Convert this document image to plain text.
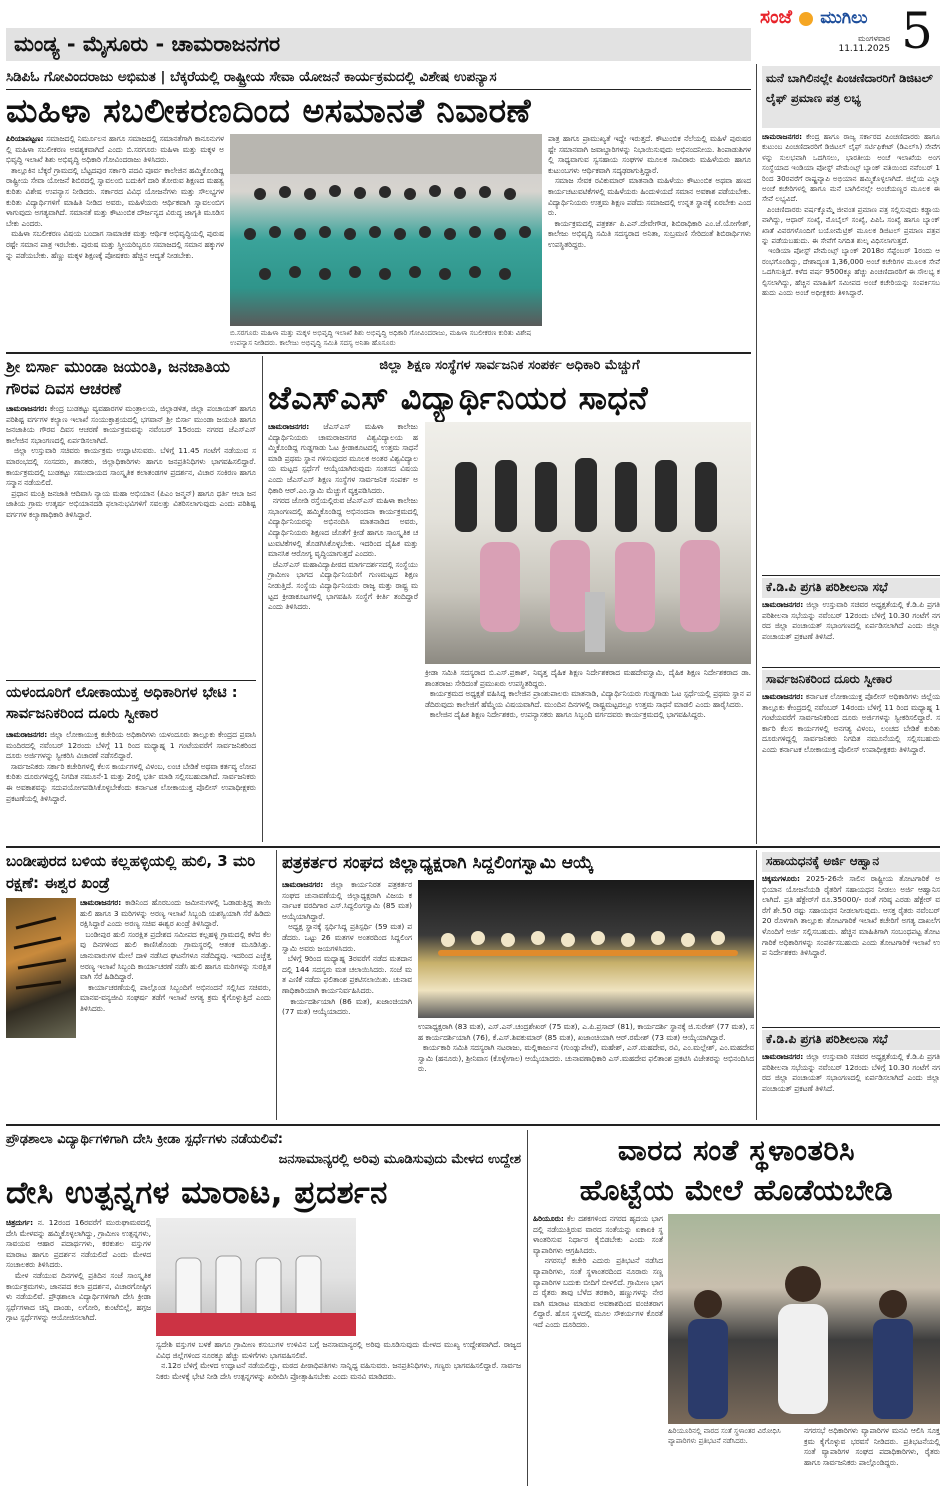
ಮಂಡ್ಯ - ಮೈಸೂರು - ಚಾಮರಾಜನಗರ
ಸಂಜೆ ಮುಗಿಲು
ಮಂಗಳವಾರ
11.11.2025 5
ಸಿಡಿಪಿಓ ಗೋವಿಂದರಾಜು ಅಭಿಮತ | ಬೆಕ್ಕರೆಯಲ್ಲಿ ರಾಷ್ಟ್ರೀಯ ಸೇವಾ ಯೋಜನೆ ಕಾರ್ಯಕ್ರಮದಲ್ಲಿ ವಿಶೇಷ ಉಪನ್ಯಾಸ
ಮಹಿಳಾ ಸಬಲೀಕರಣದಿಂದ ಅಸಮಾನತೆ ನಿವಾರಣೆ
ಪಿರಿಯಾಪಟ್ಟಣ: ಸಮಾಜದಲ್ಲಿ ನಿರ್ಮೂಲನ ಹಾಗೂ ಸಮಾಜದಲ್ಲಿ ಸಮಾನತೆಗಾಗಿ ಕಾನೂನುಗಳಲ್ಲಿ ಮಹಿಳಾ ಸಬಲೀಕರಣ ಅವಶ್ಯಕವಾಗಿದೆ ಎಂದು ಬಿ.ಸರಗೂರು ಮಹಿಳಾ ಮತ್ತು ಮಕ್ಕಳ ಅಭಿವೃದ್ಧಿ ಇಲಾಖೆ ಶಿಶು ಅಭಿವೃದ್ಧಿ ಅಧಿಕಾರಿ ಗೋವಿಂದರಾಜು ತಿಳಿಸಿದರು.
ತಾಲ್ಲೂಕಿನ ಬೆಕ್ಕರೆ ಗ್ರಾಮದಲ್ಲಿ ಬೆಟ್ಟದಪುರ ಸರ್ಕಾರಿ ಪದವಿ ಪೂರ್ವ ಕಾಲೇಜಿನ ಹಮ್ಮಿಕೊಂಡಿದ್ದ ರಾಷ್ಟ್ರೀಯ ಸೇವಾ ಯೋಜನೆ ಶಿಬಿರದಲ್ಲಿ ಸ್ವಾವಲಂಬಿ ಬದುಕಿಗೆ ದಾರಿ ತೋರುವ ಶಿಕ್ಷಣದ ಮಹತ್ವ ಕುರಿತು ವಿಶೇಷ ಉಪನ್ಯಾಸ ನೀಡಿದರು. ಸರ್ಕಾರದ ವಿವಿಧ ಯೋಜನೆಗಳು ಮತ್ತು ಸೌಲಭ್ಯಗಳ ಕುರಿತು ವಿದ್ಯಾರ್ಥಿಗಳಿಗೆ ಮಾಹಿತಿ ನೀಡಿದ ಅವರು, ಮಹಿಳೆಯರು ಆರ್ಥಿಕವಾಗಿ ಸ್ವಾವಲಂಬಿಗಳಾಗುವುದು ಅಗತ್ಯವಾಗಿದೆ. ಸಮಾನತೆ ಮತ್ತು ಕೌಟುಂಬಿಕ ದೌರ್ಜನ್ಯದ ವಿರುದ್ಧ ಜಾಗೃತಿ ಮೂಡಿಸಬೇಕು ಎಂದರು.
ಮಹಿಳಾ ಸಬಲೀಕರಣ ವಿಷಯ ಬಂದಾಗ ಸಾಮಾಜಿಕ ಮತ್ತು ಆರ್ಥಿಕ ಅಭಿವೃದ್ಧಿಯಲ್ಲಿ ಪುರುಷರಷ್ಟೇ ಸಮಾನ ಪಾತ್ರ ಇರಬೇಕು. ಪುರುಷ ಮತ್ತು ಸ್ತ್ರೀಯರಿಬ್ಬರೂ ಸಮಾಜದಲ್ಲಿ ಸಮಾನ ಹಕ್ಕುಗಳನ್ನು ಪಡೆಯಬೇಕು. ಹೆಣ್ಣು ಮಕ್ಕಳ ಶಿಕ್ಷಣಕ್ಕೆ ಪೋಷಕರು ಹೆಚ್ಚಿನ ಆದ್ಯತೆ ನೀಡಬೇಕು.
ಬಿ.ಸರಗೂರು ಮಹಿಳಾ ಮತ್ತು ಮಕ್ಕಳ ಅಭಿವೃದ್ಧಿ ಇಲಾಖೆ ಶಿಶು ಅಭಿವೃದ್ಧಿ ಅಧಿಕಾರಿ ಗೋವಿಂದರಾಜು, ಮಹಿಳಾ ಸಬಲೀಕರಣ ಕುರಿತು ವಿಶೇಷ ಉಪನ್ಯಾಸ ನೀಡಿದರು. ಕಾಲೇಜು ಅಭಿವೃದ್ಧಿ ಸಮಿತಿ ಸದಸ್ಯ ಅನಿತಾ ಹೊಸೂರು
ಪಾತ್ರ ಹಾಗೂ ಪ್ರಾಮುಖ್ಯತೆ ಇದ್ದೇ ಇರುತ್ತದೆ. ಕೌಟುಂಬಿಕ ನೆಲೆಯಲ್ಲಿ ಮಹಿಳೆ ಪುರುಷರಷ್ಟೇ ಸಮಾನವಾಗಿ ಜವಾಬ್ದಾರಿಗಳನ್ನು ನಿಭಾಯಿಸುವುದು ಅಭಿನಂದನೀಯ. ಶಿಂಪಾಡುಶಿಗಳಲ್ಲಿ ಸಾಧ್ಯವಾಗುವ ಸ್ವಸಹಾಯ ಸಂಘಗಳ ಮೂಲಕ ಸಾವಿರಾರು ಮಹಿಳೆಯರು ಹಾಗೂ ಕುಟುಂಬಗಳು ಆರ್ಥಿಕವಾಗಿ ಸದೃಢರಾಗುತ್ತಿದ್ದಾರೆ.
ಸಮಾಜ ಸೇವಕ ರವಿಕುಮಾರ್ ಮಾತನಾಡಿ ಮಹಿಳೆಯು ಕೌಟುಂಬಿಕ ಅಥವಾ ಹಣದ ಕಾರ್ಯಚಟುವಟಿಕೆಗಳಲ್ಲಿ ಮಹಿಳೆಯರು ಹಿಂದುಳಿಯದೆ ಸಮಾನ ಅವಕಾಶ ಪಡೆಯಬೇಕು. ವಿದ್ಯಾರ್ಥಿನಿಯರು ಉತ್ತಮ ಶಿಕ್ಷಣ ಪಡೆದು ಸಮಾಜದಲ್ಲಿ ಉನ್ನತ ಸ್ಥಾನಕ್ಕೆ ಏರಬೇಕು ಎಂದರು.
ಕಾರ್ಯಕ್ರಮದಲ್ಲಿ ಪತ್ರಕರ್ತ ಪಿ.ಎನ್.ದೇವೇಗೌಡ, ಶಿಬಿರಾಧಿಕಾರಿ ಎಂ.ಜೆ.ಯೋಗೇಶ್, ಕಾಲೇಜು ಅಭಿವೃದ್ಧಿ ಸಮಿತಿ ಸದಸ್ಯರಾದ ಅನಿತಾ, ಸುಬ್ರಮಣಿ ಸೇರಿದಂತೆ ಶಿಬಿರಾರ್ಥಿಗಳು ಉಪಸ್ಥಿತರಿದ್ದರು.
ಮನೆ ಬಾಗಿಲಿನಲ್ಲೇ ಪಿಂಚಣಿದಾರರಿಗೆ ಡಿಜಿಟಲ್ ಲೈಫ್ ಪ್ರಮಾಣ ಪತ್ರ ಲಭ್ಯ
ಚಾಮರಾಜನಗರ: ಕೇಂದ್ರ ಹಾಗೂ ರಾಜ್ಯ ಸರ್ಕಾರದ ಪಿಂಚಣಿದಾರರು ಹಾಗೂ ಕುಟುಂಬ ಪಿಂಚಣಿದಾರರಿಗೆ ಡಿಜಿಟಲ್ ಲೈಫ್ ಸರ್ಟಿಫಿಕೇಟ್ (ಡಿಎಲ್‌ಸಿ) ಸೇವೆಗಳನ್ನು ಸುಲಭವಾಗಿ ಒದಗಿಸಲು, ಭಾರತೀಯ ಅಂಚೆ ಇಲಾಖೆಯ ಅಂಗ ಸಂಸ್ಥೆಯಾದ ಇಂಡಿಯಾ ಪೋಸ್ಟ್ ಪೇಮೆಂಟ್ಸ್ ಬ್ಯಾಂಕ್ ವತಿಯಿಂದ ನವೆಂಬರ್ 1ರಿಂದ 30ರವರೆಗೆ ರಾಷ್ಟ್ರವ್ಯಾಪಿ ಅಭಿಯಾನ ಹಮ್ಮಿಕೊಳ್ಳಲಾಗಿದೆ. ಜಿಲ್ಲೆಯ ಎಲ್ಲಾ ಅಂಚೆ ಕಚೇರಿಗಳಲ್ಲಿ ಹಾಗೂ ಮನೆ ಬಾಗಿಲಿನಲ್ಲೇ ಅಂಚೆಯಣ್ಣರ ಮೂಲಕ ಈ ಸೇವೆ ಲಭ್ಯವಿದೆ.
ಪಿಂಚಣಿದಾರರು ವರ್ಷಕ್ಕೊಮ್ಮೆ ಜೀವಂತ ಪ್ರಮಾಣ ಪತ್ರ ಸಲ್ಲಿಸುವುದು ಕಡ್ಡಾಯವಾಗಿದ್ದು, ಆಧಾರ್ ಸಂಖ್ಯೆ, ಮೊಬೈಲ್ ಸಂಖ್ಯೆ, ಪಿಪಿಓ ಸಂಖ್ಯೆ ಹಾಗೂ ಬ್ಯಾಂಕ್ ಖಾತೆ ವಿವರಗಳೊಂದಿಗೆ ಬಯೋಮೆಟ್ರಿಕ್ ಮೂಲಕ ಡಿಜಿಟಲ್ ಪ್ರಮಾಣ ಪತ್ರವನ್ನು ಪಡೆಯಬಹುದು. ಈ ಸೇವೆಗೆ ನಿಗದಿತ ಶುಲ್ಕ ವಿಧಿಸಲಾಗುತ್ತದೆ.
ಇಂಡಿಯಾ ಪೋಸ್ಟ್ ಪೇಮೆಂಟ್ಸ್ ಬ್ಯಾಂಕ್ 2018ರ ಸೆಪ್ಟೆಂಬರ್ 1ರಂದು ಆರಂಭಗೊಂಡಿದ್ದು, ದೇಶಾದ್ಯಂತ 1,36,000 ಅಂಚೆ ಕಚೇರಿಗಳ ಮೂಲಕ ಸೇವೆ ಒದಗಿಸುತ್ತಿದೆ. ಕಳೆದ ವರ್ಷ 9500ಕ್ಕೂ ಹೆಚ್ಚು ಪಿಂಚಣಿದಾರರಿಗೆ ಈ ಸೌಲಭ್ಯ ಕಲ್ಪಿಸಲಾಗಿದ್ದು, ಹೆಚ್ಚಿನ ಮಾಹಿತಿಗೆ ಸಮೀಪದ ಅಂಚೆ ಕಚೇರಿಯನ್ನು ಸಂಪರ್ಕಿಸಬಹುದು ಎಂದು ಅಂಚೆ ಅಧೀಕ್ಷಕರು ತಿಳಿಸಿದ್ದಾರೆ.
ಕೆ.ಡಿ.ಪಿ ಪ್ರಗತಿ ಪರಿಶೀಲನಾ ಸಭೆ
ಚಾಮರಾಜನಗರ: ಜಿಲ್ಲಾ ಉಸ್ತುವಾರಿ ಸಚಿವರ ಅಧ್ಯಕ್ಷತೆಯಲ್ಲಿ ಕೆ.ಡಿ.ಪಿ ಪ್ರಗತಿ ಪರಿಶೀಲನಾ ಸಭೆಯನ್ನು ನವೆಂಬರ್ 12ರಂದು ಬೆಳಿಗ್ಗೆ 10.30 ಗಂಟೆಗೆ ನಗರದ ಜಿಲ್ಲಾ ಪಂಚಾಯತ್ ಸಭಾಂಗಣದಲ್ಲಿ ಏರ್ಪಡಿಸಲಾಗಿದೆ ಎಂದು ಜಿಲ್ಲಾ ಪಂಚಾಯತ್ ಪ್ರಕಟಣೆ ತಿಳಿಸಿದೆ.
ಸಾರ್ವಜನಿಕರಿಂದ ದೂರು ಸ್ವೀಕಾರ
ಚಾಮರಾಜನಗರ: ಕರ್ನಾಟಕ ಲೋಕಾಯುಕ್ತ ಪೊಲೀಸ್ ಅಧಿಕಾರಿಗಳು ಜಿಲ್ಲೆಯ ತಾಲ್ಲೂಕು ಕೇಂದ್ರದಲ್ಲಿ ನವೆಂಬರ್ 14ರಂದು ಬೆಳಿಗ್ಗೆ 11 ರಿಂದ ಮಧ್ಯಾಹ್ನ 1 ಗಂಟೆಯವರೆಗೆ ಸಾರ್ವಜನಿಕರಿಂದ ದೂರು ಅರ್ಜಿಗಳನ್ನು ಸ್ವೀಕರಿಸಲಿದ್ದಾರೆ. ಸರ್ಕಾರಿ ಕೆಲಸ ಕಾರ್ಯಗಳಲ್ಲಿ ಅನಗತ್ಯ ವಿಳಂಬ, ಲಂಚದ ಬೇಡಿಕೆ ಕುರಿತು ದೂರುಗಳಿದ್ದಲ್ಲಿ ಸಾರ್ವಜನಿಕರು ನಿಗದಿತ ನಮೂನೆಯಲ್ಲಿ ಸಲ್ಲಿಸಬಹುದು ಎಂದು ಕರ್ನಾಟಕ ಲೋಕಾಯುಕ್ತ ಪೊಲೀಸ್ ಉಪಾಧೀಕ್ಷಕರು ತಿಳಿಸಿದ್ದಾರೆ.
ಶ್ರೀ ಬಿರ್ಸಾ ಮುಂಡಾ ಜಯಂತಿ, ಜನಜಾತಿಯ ಗೌರವ ದಿವಸ ಆಚರಣೆ
ಚಾಮರಾಜನಗರ: ಕೇಂದ್ರ ಬುಡಕಟ್ಟು ವ್ಯವಹಾರಗಳ ಮಂತ್ರಾಲಯ, ಜಿಲ್ಲಾಡಳಿತ, ಜಿಲ್ಲಾ ಪಂಚಾಯತ್ ಹಾಗೂ ಪರಿಶಿಷ್ಟ ವರ್ಗಗಳ ಕಲ್ಯಾಣ ಇಲಾಖೆ ಸಂಯುಕ್ತಾಶ್ರಯದಲ್ಲಿ ಭಗವಾನ್ ಶ್ರೀ ಬಿರ್ಸಾ ಮುಂಡಾ ಜಯಂತಿ ಹಾಗೂ ಜನಜಾತಿಯ ಗೌರವ ದಿವಸ ಆಚರಣೆ ಕಾರ್ಯಕ್ರಮವನ್ನು ನವೆಂಬರ್ 15ರಂದು ನಗರದ ಜೆಎಸ್‌ಎಸ್ ಕಾಲೇಜಿನ ಸಭಾಂಗಣದಲ್ಲಿ ಏರ್ಪಡಿಸಲಾಗಿದೆ.
ಜಿಲ್ಲಾ ಉಸ್ತುವಾರಿ ಸಚಿವರು ಕಾರ್ಯಕ್ರಮ ಉದ್ಘಾಟಿಸುವರು. ಬೆಳಿಗ್ಗೆ 11.45 ಗಂಟೆಗೆ ನಡೆಯುವ ಸಮಾರಂಭದಲ್ಲಿ ಸಂಸದರು, ಶಾಸಕರು, ಜಿಲ್ಲಾಧಿಕಾರಿಗಳು ಹಾಗೂ ಜನಪ್ರತಿನಿಧಿಗಳು ಭಾಗವಹಿಸಲಿದ್ದಾರೆ. ಕಾರ್ಯಕ್ರಮದಲ್ಲಿ ಬುಡಕಟ್ಟು ಸಮುದಾಯದ ಸಾಂಸ್ಕೃತಿಕ ಕಲಾತಂಡಗಳ ಪ್ರದರ್ಶನ, ವಿಚಾರ ಸಂಕಿರಣ ಹಾಗೂ ಸನ್ಮಾನ ನಡೆಯಲಿದೆ.
ಪ್ರಧಾನ ಮಂತ್ರಿ ಜನಜಾತಿ ಆದಿವಾಸಿ ನ್ಯಾಯ ಮಹಾ ಅಭಿಯಾನ (ಪಿಎಂ ಜನ್ಮನ್) ಹಾಗೂ ಧರ್ತಿ ಆಬಾ ಜನಜಾತಿಯ ಗ್ರಾಮ ಉತ್ಕರ್ಷ ಅಭಿಯಾನದಡಿ ಫಲಾನುಭವಿಗಳಿಗೆ ಸವಲತ್ತು ವಿತರಿಸಲಾಗುವುದು ಎಂದು ಪರಿಶಿಷ್ಟ ವರ್ಗಗಳ ಕಲ್ಯಾಣಾಧಿಕಾರಿ ತಿಳಿಸಿದ್ದಾರೆ.
ಯಳಂದೂರಿಗೆ ಲೋಕಾಯುಕ್ತ ಅಧಿಕಾರಿಗಳ ಭೇಟಿ : ಸಾರ್ವಜನಿಕರಿಂದ ದೂರು ಸ್ವೀಕಾರ
ಚಾಮರಾಜನಗರ: ಜಿಲ್ಲಾ ಲೋಕಾಯುಕ್ತ ಕಚೇರಿಯ ಅಧಿಕಾರಿಗಳು ಯಳಂದೂರು ತಾಲ್ಲೂಕು ಕೇಂದ್ರದ ಪ್ರವಾಸಿ ಮಂದಿರದಲ್ಲಿ ನವೆಂಬರ್ 12ರಂದು ಬೆಳಿಗ್ಗೆ 11 ರಿಂದ ಮಧ್ಯಾಹ್ನ 1 ಗಂಟೆಯವರೆಗೆ ಸಾರ್ವಜನಿಕರಿಂದ ದೂರು ಅರ್ಜಿಗಳನ್ನು ಸ್ವೀಕರಿಸಿ ವಿಚಾರಣೆ ನಡೆಸಲಿದ್ದಾರೆ.
ಸಾರ್ವಜನಿಕರು ಸರ್ಕಾರಿ ಕಚೇರಿಗಳಲ್ಲಿ ಕೆಲಸ ಕಾರ್ಯಗಳಲ್ಲಿ ವಿಳಂಬ, ಲಂಚ ಬೇಡಿಕೆ ಅಥವಾ ಕರ್ತವ್ಯ ಲೋಪ ಕುರಿತು ದೂರುಗಳಿದ್ದಲ್ಲಿ ನಿಗದಿತ ನಮೂನೆ-1 ಮತ್ತು 2ರಲ್ಲಿ ಭರ್ತಿ ಮಾಡಿ ಸಲ್ಲಿಸಬಹುದಾಗಿದೆ. ಸಾರ್ವಜನಿಕರು ಈ ಅವಕಾಶವನ್ನು ಸದುಪಯೋಗಪಡಿಸಿಕೊಳ್ಳಬೇಕೆಂದು ಕರ್ನಾಟಕ ಲೋಕಾಯುಕ್ತ ಪೊಲೀಸ್ ಉಪಾಧೀಕ್ಷಕರು ಪ್ರಕಟಣೆಯಲ್ಲಿ ತಿಳಿಸಿದ್ದಾರೆ.
ಜಿಲ್ಲಾ ಶಿಕ್ಷಣ ಸಂಸ್ಥೆಗಳ ಸಾರ್ವಜನಿಕ ಸಂಪರ್ಕ ಅಧಿಕಾರಿ ಮೆಚ್ಚುಗೆ
ಜೆಎಸ್‌ಎಸ್ ವಿದ್ಯಾರ್ಥಿನಿಯರ ಸಾಧನೆ
ಚಾಮರಾಜನಗರ: ಜೆಎಸ್‌ಎಸ್ ಮಹಿಳಾ ಕಾಲೇಜು ವಿದ್ಯಾರ್ಥಿನಿಯರು ಚಾಮರಾಜನಗರ ವಿಶ್ವವಿದ್ಯಾಲಯ ಹಮ್ಮಿಕೊಂಡಿದ್ದ ಗುಡ್ಡಗಾಡು ಓಟ ಕ್ರೀಡಾಕೂಟದಲ್ಲಿ ಉತ್ತಮ ಸಾಧನೆ ಮಾಡಿ ಪ್ರಥಮ ಸ್ಥಾನ ಗಳಿಸುವುದರ ಮೂಲಕ ಅಂತರ ವಿಶ್ವವಿದ್ಯಾಲಯ ಮಟ್ಟದ ಸ್ಪರ್ಧೆಗೆ ಆಯ್ಕೆಯಾಗಿರುವುದು ಸಂತಸದ ವಿಷಯ ಎಂದು ಜೆಎಸ್‌ಎಸ್ ಶಿಕ್ಷಣ ಸಂಸ್ಥೆಗಳ ಸಾರ್ವಜನಿಕ ಸಂಪರ್ಕ ಅಧಿಕಾರಿ ಆರ್.ಎಂ.ಸ್ವಾಮಿ ಮೆಚ್ಚುಗೆ ವ್ಯಕ್ತಪಡಿಸಿದರು.
ನಗರದ ಜೋಡಿ ರಸ್ತೆಯಲ್ಲಿರುವ ಜೆಎಸ್‌ಎಸ್ ಮಹಿಳಾ ಕಾಲೇಜು ಸಭಾಂಗಣದಲ್ಲಿ ಹಮ್ಮಿಕೊಂಡಿದ್ದ ಅಭಿನಂದನಾ ಕಾರ್ಯಕ್ರಮದಲ್ಲಿ ವಿದ್ಯಾರ್ಥಿನಿಯರನ್ನು ಅಭಿನಂದಿಸಿ ಮಾತನಾಡಿದ ಅವರು, ವಿದ್ಯಾರ್ಥಿನಿಯರು ಶಿಕ್ಷಣದ ಜೊತೆಗೆ ಕ್ರೀಡೆ ಹಾಗೂ ಸಾಂಸ್ಕೃತಿಕ ಚಟುವಟಿಕೆಗಳಲ್ಲಿ ತೊಡಗಿಸಿಕೊಳ್ಳಬೇಕು. ಇದರಿಂದ ದೈಹಿಕ ಮತ್ತು ಮಾನಸಿಕ ಆರೋಗ್ಯ ವೃದ್ಧಿಯಾಗುತ್ತದೆ ಎಂದರು.
ಜೆಎಸ್‌ಎಸ್ ಮಹಾವಿದ್ಯಾಪೀಠದ ಮಾರ್ಗದರ್ಶನದಲ್ಲಿ ಸಂಸ್ಥೆಯು ಗ್ರಾಮೀಣ ಭಾಗದ ವಿದ್ಯಾರ್ಥಿನಿಯರಿಗೆ ಗುಣಮಟ್ಟದ ಶಿಕ್ಷಣ ನೀಡುತ್ತಿದೆ. ಸಂಸ್ಥೆಯ ವಿದ್ಯಾರ್ಥಿನಿಯರು ರಾಜ್ಯ ಮತ್ತು ರಾಷ್ಟ್ರ ಮಟ್ಟದ ಕ್ರೀಡಾಕೂಟಗಳಲ್ಲಿ ಭಾಗವಹಿಸಿ ಸಂಸ್ಥೆಗೆ ಕೀರ್ತಿ ತಂದಿದ್ದಾರೆ ಎಂದು ತಿಳಿಸಿದರು.
ಕ್ರೀಡಾ ಸಮಿತಿ ಸದಸ್ಯರಾದ ಬಿ.ಎಸ್.ಪ್ರಕಾಶ್, ನಿವೃತ್ತ ದೈಹಿಕ ಶಿಕ್ಷಣ ನಿರ್ದೇಶಕರಾದ ಮಹದೇವಸ್ವಾಮಿ, ದೈಹಿಕ ಶಿಕ್ಷಣ ನಿರ್ದೇಶಕರಾದ ಡಾ. ಶಾಂತರಾಜು ಸೇರಿದಂತೆ ಪ್ರಮುಖರು ಉಪಸ್ಥಿತರಿದ್ದರು.
ಕಾರ್ಯಕ್ರಮದ ಅಧ್ಯಕ್ಷತೆ ವಹಿಸಿದ್ದ ಕಾಲೇಜಿನ ಪ್ರಾಂಶುಪಾಲರು ಮಾತನಾಡಿ, ವಿದ್ಯಾರ್ಥಿನಿಯರು ಗುಡ್ಡಗಾಡು ಓಟ ಸ್ಪರ್ಧೆಯಲ್ಲಿ ಪ್ರಥಮ ಸ್ಥಾನ ಪಡೆದಿರುವುದು ಕಾಲೇಜಿಗೆ ಹೆಮ್ಮೆಯ ವಿಷಯವಾಗಿದೆ. ಮುಂದಿನ ದಿನಗಳಲ್ಲಿ ರಾಷ್ಟ್ರಮಟ್ಟದಲ್ಲೂ ಉತ್ತಮ ಸಾಧನೆ ಮಾಡಲಿ ಎಂದು ಹಾರೈಸಿದರು.
ಕಾಲೇಜಿನ ದೈಹಿಕ ಶಿಕ್ಷಣ ನಿರ್ದೇಶಕರು, ಉಪನ್ಯಾಸಕರು ಹಾಗೂ ಸಿಬ್ಬಂದಿ ವರ್ಗದವರು ಕಾರ್ಯಕ್ರಮದಲ್ಲಿ ಭಾಗವಹಿಸಿದ್ದರು.
ಬಂಡೀಪುರದ ಬಳಿಯ ಕಲ್ಲಹಳ್ಳಿಯಲ್ಲಿ ಹುಲಿ, 3 ಮರಿ ರಕ್ಷಣೆ: ಈಶ್ವರ ಖಂಡ್ರೆ
ಚಾಮರಾಜನಗರ: ಕಾಡಿನಿಂದ ಹೊರಬಂದು ಜಮೀನುಗಳಲ್ಲಿ ಓಡಾಡುತ್ತಿದ್ದ ತಾಯಿ ಹುಲಿ ಹಾಗೂ 3 ಮರಿಗಳನ್ನು ಅರಣ್ಯ ಇಲಾಖೆ ಸಿಬ್ಬಂದಿ ಯಶಸ್ವಿಯಾಗಿ ಸೆರೆ ಹಿಡಿದು ರಕ್ಷಿಸಿದ್ದಾರೆ ಎಂದು ಅರಣ್ಯ ಸಚಿವ ಈಶ್ವರ ಖಂಡ್ರೆ ತಿಳಿಸಿದ್ದಾರೆ.
ಬಂಡೀಪುರ ಹುಲಿ ಸಂರಕ್ಷಿತ ಪ್ರದೇಶದ ಸಮೀಪದ ಕಲ್ಲಹಳ್ಳಿ ಗ್ರಾಮದಲ್ಲಿ ಕಳೆದ ಕೆಲವು ದಿನಗಳಿಂದ ಹುಲಿ ಕಾಣಿಸಿಕೊಂಡು ಗ್ರಾಮಸ್ಥರಲ್ಲಿ ಆತಂಕ ಮೂಡಿಸಿತ್ತು. ಜಾನುವಾರುಗಳ ಮೇಲೆ ದಾಳಿ ನಡೆಸಿದ ಘಟನೆಗಳೂ ನಡೆದಿದ್ದವು. ಇದರಿಂದ ಎಚ್ಚೆತ್ತ ಅರಣ್ಯ ಇಲಾಖೆ ಸಿಬ್ಬಂದಿ ಕಾರ್ಯಾಚರಣೆ ನಡೆಸಿ ಹುಲಿ ಹಾಗೂ ಮರಿಗಳನ್ನು ಸುರಕ್ಷಿತವಾಗಿ ಸೆರೆ ಹಿಡಿದಿದ್ದಾರೆ.
ಕಾರ್ಯಾಚರಣೆಯಲ್ಲಿ ಪಾಲ್ಗೊಂಡ ಸಿಬ್ಬಂದಿಗೆ ಅಭಿನಂದನೆ ಸಲ್ಲಿಸಿದ ಸಚಿವರು, ಮಾನವ-ವನ್ಯಜೀವಿ ಸಂಘರ್ಷ ತಡೆಗೆ ಇಲಾಖೆ ಅಗತ್ಯ ಕ್ರಮ ಕೈಗೊಳ್ಳುತ್ತಿದೆ ಎಂದು ತಿಳಿಸಿದರು.
ಪತ್ರಕರ್ತರ ಸಂಘದ ಜಿಲ್ಲಾಧ್ಯಕ್ಷರಾಗಿ ಸಿದ್ದಲಿಂಗಸ್ವಾಮಿ ಆಯ್ಕೆ
ಚಾಮರಾಜನಗರ: ಜಿಲ್ಲಾ ಕಾರ್ಯನಿರತ ಪತ್ರಕರ್ತರ ಸಂಘದ ಚುನಾವಣೆಯಲ್ಲಿ ಜಿಲ್ಲಾಧ್ಯಕ್ಷರಾಗಿ ವಿಜಯ ಕರ್ನಾಟಕ ವರದಿಗಾರ ಎಸ್.ಸಿದ್ದಲಿಂಗಸ್ವಾಮಿ (85 ಮತ) ಆಯ್ಕೆಯಾಗಿದ್ದಾರೆ.
ಅಧ್ಯಕ್ಷ ಸ್ಥಾನಕ್ಕೆ ಸ್ಪರ್ಧಿಸಿದ್ದ ಪ್ರತಿಸ್ಪರ್ಧಿ (59 ಮತ) ಪಡೆದರು. ಒಟ್ಟು 26 ಮತಗಳ ಅಂತರದಿಂದ ಸಿದ್ದಲಿಂಗಸ್ವಾಮಿ ಅವರು ಜಯಗಳಿಸಿದರು.
ಬೆಳಿಗ್ಗೆ 9ರಿಂದ ಮಧ್ಯಾಹ್ನ 3ರವರೆಗೆ ನಡೆದ ಮತದಾನದಲ್ಲಿ 144 ಸದಸ್ಯರು ಮತ ಚಲಾಯಿಸಿದರು. ಸಂಜೆ ಮತ ಎಣಿಕೆ ನಡೆದು ಫಲಿತಾಂಶ ಪ್ರಕಟಿಸಲಾಯಿತು. ಚುನಾವಣಾಧಿಕಾರಿಯಾಗಿ ಕಾರ್ಯನಿರ್ವಹಿಸಿದರು.
ಕಾರ್ಯದರ್ಶಿಯಾಗಿ (86 ಮತ), ಖಜಾಂಚಿಯಾಗಿ (77 ಮತ) ಆಯ್ಕೆಯಾದರು.
ಉಪಾಧ್ಯಕ್ಷರಾಗಿ (83 ಮತ), ಎಸ್.ಎನ್.ಚಂದ್ರಶೇಖರ್ (75 ಮತ), ಎ.ಪಿ.ಪ್ರಸಾದ್ (81), ಕಾರ್ಯದರ್ಶಿ ಸ್ಥಾನಕ್ಕೆ ಜಿ.ಸುರೇಶ್ (77 ಮತ), ಸಹ ಕಾರ್ಯದರ್ಶಿಯಾಗಿ (76), ಕೆ.ಎಸ್.ಶಿವಕುಮಾರ್ (85 ಮತ), ಖಜಾಂಚಿಯಾಗಿ ಆರ್.ರಮೇಶ್ (73 ಮತ) ಆಯ್ಕೆಯಾಗಿದ್ದಾರೆ.
ಕಾರ್ಯಕಾರಿ ಸಮಿತಿ ಸದಸ್ಯರಾಗಿ ನಟರಾಜು, ಮಲ್ಲಿಕಾರ್ಜುನ (ಗುಂಡ್ಲುಪೇಟೆ), ಮಹೇಶ್, ಎಸ್.ಮಹದೇವ, ರವಿ, ಎಂ.ಮಲ್ಲೇಶ್, ಎಂ.ಮಹದೇವಸ್ವಾಮಿ (ಹನೂರು), ಶ್ರೀನಿವಾಸ (ಕೊಳ್ಳೇಗಾಲ) ಆಯ್ಕೆಯಾದರು. ಚುನಾವಣಾಧಿಕಾರಿ ಎಸ್.ಮಹದೇವ ಫಲಿತಾಂಶ ಪ್ರಕಟಿಸಿ ವಿಜೇತರನ್ನು ಅಭಿನಂದಿಸಿದರು.
ಸಹಾಯಧನಕ್ಕೆ ಅರ್ಜಿ ಆಹ್ವಾನ
ಚಿಕ್ಕಮಗಳೂರು: 2025-26ನೇ ಸಾಲಿನ ರಾಷ್ಟ್ರೀಯ ತೋಟಗಾರಿಕೆ ಅಭಿಯಾನ ಯೋಜನೆಯಡಿ ರೈತರಿಗೆ ಸಹಾಯಧನ ನೀಡಲು ಅರ್ಜಿ ಆಹ್ವಾನಿಸಲಾಗಿದೆ. ಪ್ರತಿ ಹೆಕ್ಟೇರ್‌ಗೆ ರೂ.35000/- ರಂತೆ ಗರಿಷ್ಠ ಎರಡು ಹೆಕ್ಟೇರ್ ವರೆಗೆ ಶೇ.50 ರಷ್ಟು ಸಹಾಯಧನ ನೀಡಲಾಗುವುದು. ಆಸಕ್ತ ರೈತರು ನವೆಂಬರ್ 20 ರೊಳಗಾಗಿ ತಾಲ್ಲೂಕು ತೋಟಗಾರಿಕೆ ಇಲಾಖೆ ಕಚೇರಿಗೆ ಅಗತ್ಯ ದಾಖಲೆಗಳೊಂದಿಗೆ ಅರ್ಜಿ ಸಲ್ಲಿಸಬಹುದು. ಹೆಚ್ಚಿನ ಮಾಹಿತಿಗಾಗಿ ಸಂಬಂಧಪಟ್ಟ ತೋಟಗಾರಿಕೆ ಅಧಿಕಾರಿಗಳನ್ನು ಸಂಪರ್ಕಿಸಬಹುದು ಎಂದು ತೋಟಗಾರಿಕೆ ಇಲಾಖೆ ಉಪ ನಿರ್ದೇಶಕರು ತಿಳಿಸಿದ್ದಾರೆ.
ಕೆ.ಡಿ.ಪಿ ಪ್ರಗತಿ ಪರಿಶೀಲನಾ ಸಭೆ
ಚಾಮರಾಜನಗರ: ಜಿಲ್ಲಾ ಉಸ್ತುವಾರಿ ಸಚಿವರ ಅಧ್ಯಕ್ಷತೆಯಲ್ಲಿ ಕೆ.ಡಿ.ಪಿ ಪ್ರಗತಿ ಪರಿಶೀಲನಾ ಸಭೆಯನ್ನು ನವೆಂಬರ್ 12ರಂದು ಬೆಳಿಗ್ಗೆ 10.30 ಗಂಟೆಗೆ ನಗರದ ಜಿಲ್ಲಾ ಪಂಚಾಯತ್ ಸಭಾಂಗಣದಲ್ಲಿ ಏರ್ಪಡಿಸಲಾಗಿದೆ ಎಂದು ಜಿಲ್ಲಾ ಪಂಚಾಯತ್ ಪ್ರಕಟಣೆ ತಿಳಿಸಿದೆ.
ಪ್ರೌಢಶಾಲಾ ವಿದ್ಯಾರ್ಥಿಗಳಿಗಾಗಿ ದೇಸಿ ಕ್ರೀಡಾ ಸ್ಪರ್ಧೆಗಳು ನಡೆಯಲಿವೆ:
ಜನಸಾಮಾನ್ಯರಲ್ಲಿ ಅರಿವು ಮೂಡಿಸುವುದು ಮೇಳದ ಉದ್ದೇಶ
ದೇಸಿ ಉತ್ಪನ್ನಗಳ ಮಾರಾಟ, ಪ್ರದರ್ಶನ
ಚಿತ್ರದುರ್ಗ: ನ. 12ರಂದ 16ರವರೆಗೆ ಮುರುಘಾಮಠದಲ್ಲಿ ದೇಸಿ ಮೇಳವನ್ನು ಹಮ್ಮಿಕೊಳ್ಳಲಾಗಿದ್ದು, ಗ್ರಾಮೀಣ ಉತ್ಪನ್ನಗಳು, ಸಾವಯವ ಆಹಾರ ಪದಾರ್ಥಗಳು, ಕರಕುಶಲ ವಸ್ತುಗಳ ಮಾರಾಟ ಹಾಗೂ ಪ್ರದರ್ಶನ ನಡೆಯಲಿದೆ ಎಂದು ಮೇಳದ ಸಂಚಾಲಕರು ತಿಳಿಸಿದರು.
ಮೇಳ ನಡೆಯುವ ದಿನಗಳಲ್ಲಿ ಪ್ರತಿದಿನ ಸಂಜೆ ಸಾಂಸ್ಕೃತಿಕ ಕಾರ್ಯಕ್ರಮಗಳು, ಜಾನಪದ ಕಲಾ ಪ್ರದರ್ಶನ, ವಿಚಾರಗೋಷ್ಠಿಗಳು ನಡೆಯಲಿವೆ. ಪ್ರೌಢಶಾಲಾ ವಿದ್ಯಾರ್ಥಿಗಳಿಗಾಗಿ ದೇಸಿ ಕ್ರೀಡಾ ಸ್ಪರ್ಧೆಗಳಾದ ಚಿನ್ನಿ ದಾಂಡು, ಲಗೋರಿ, ಕುಂಟೆಬಿಲ್ಲೆ, ಹಗ್ಗಜಗ್ಗಾಟ ಸ್ಪರ್ಧೆಗಳನ್ನು ಆಯೋಜಿಸಲಾಗಿದೆ.
ಸ್ವದೇಶಿ ವಸ್ತುಗಳ ಬಳಕೆ ಹಾಗೂ ಗ್ರಾಮೀಣ ಕಸುಬುಗಳ ಉಳಿವಿನ ಬಗ್ಗೆ ಜನಸಾಮಾನ್ಯರಲ್ಲಿ ಅರಿವು ಮೂಡಿಸುವುದು ಮೇಳದ ಮುಖ್ಯ ಉದ್ದೇಶವಾಗಿದೆ. ರಾಜ್ಯದ ವಿವಿಧ ಜಿಲ್ಲೆಗಳಿಂದ ನೂರಕ್ಕೂ ಹೆಚ್ಚು ಮಳಿಗೆಗಳು ಭಾಗವಹಿಸಲಿವೆ.
ನ.12ರ ಬೆಳಿಗ್ಗೆ ಮೇಳದ ಉದ್ಘಾಟನೆ ನಡೆಯಲಿದ್ದು, ಮಠದ ಪೀಠಾಧಿಪತಿಗಳು ಸಾನ್ನಿಧ್ಯ ವಹಿಸುವರು. ಜನಪ್ರತಿನಿಧಿಗಳು, ಗಣ್ಯರು ಭಾಗವಹಿಸಲಿದ್ದಾರೆ. ಸಾರ್ವಜನಿಕರು ಮೇಳಕ್ಕೆ ಭೇಟಿ ನೀಡಿ ದೇಸಿ ಉತ್ಪನ್ನಗಳನ್ನು ಖರೀದಿಸಿ ಪ್ರೋತ್ಸಾಹಿಸಬೇಕು ಎಂದು ಮನವಿ ಮಾಡಿದರು.
ವಾರದ ಸಂತೆ ಸ್ಥಳಾಂತರಿಸಿ
ಹೊಟ್ಟೆಯ ಮೇಲೆ ಹೊಡೆಯಬೇಡಿ
ಹಿರಿಯೂರು: ಕೆಲ ದಶಕಗಳಿಂದ ನಗರದ ಹೃದಯ ಭಾಗದಲ್ಲಿ ನಡೆಯುತ್ತಿರುವ ವಾರದ ಸಂತೆಯನ್ನು ಏಕಾಏಕಿ ಸ್ಥಳಾಂತರಿಸುವ ನಿರ್ಧಾರ ಕೈಬಿಡಬೇಕು ಎಂದು ಸಂತೆ ವ್ಯಾಪಾರಿಗಳು ಆಗ್ರಹಿಸಿದರು.
ನಗರಸಭೆ ಕಚೇರಿ ಎದುರು ಪ್ರತಿಭಟನೆ ನಡೆಸಿದ ವ್ಯಾಪಾರಿಗಳು, ಸಂತೆ ಸ್ಥಳಾಂತರದಿಂದ ನೂರಾರು ಸಣ್ಣ ವ್ಯಾಪಾರಿಗಳ ಬದುಕು ಬೀದಿಗೆ ಬೀಳಲಿದೆ. ಗ್ರಾಮೀಣ ಭಾಗದ ರೈತರು ತಾವು ಬೆಳೆದ ತರಕಾರಿ, ಹಣ್ಣುಗಳನ್ನು ನೇರವಾಗಿ ಮಾರಾಟ ಮಾಡುವ ಅವಕಾಶದಿಂದ ವಂಚಿತರಾಗಲಿದ್ದಾರೆ. ಹೊಸ ಸ್ಥಳದಲ್ಲಿ ಮೂಲ ಸೌಕರ್ಯಗಳ ಕೊರತೆ ಇದೆ ಎಂದು ದೂರಿದರು.
ಹಿರಿಯೂರಿನಲ್ಲಿ ವಾರದ ಸಂತೆ ಸ್ಥಳಾಂತರ ವಿರೋಧಿಸಿ ವ್ಯಾಪಾರಿಗಳು ಪ್ರತಿಭಟನೆ ನಡೆಸಿದರು.
ನಗರಸಭೆ ಅಧಿಕಾರಿಗಳು ವ್ಯಾಪಾರಿಗಳ ಮನವಿ ಆಲಿಸಿ ಸೂಕ್ತ ಕ್ರಮ ಕೈಗೊಳ್ಳುವ ಭರವಸೆ ನೀಡಿದರು. ಪ್ರತಿಭಟನೆಯಲ್ಲಿ ಸಂತೆ ವ್ಯಾಪಾರಿಗಳ ಸಂಘದ ಪದಾಧಿಕಾರಿಗಳು, ರೈತರು ಹಾಗೂ ಸಾರ್ವಜನಿಕರು ಪಾಲ್ಗೊಂಡಿದ್ದರು.
